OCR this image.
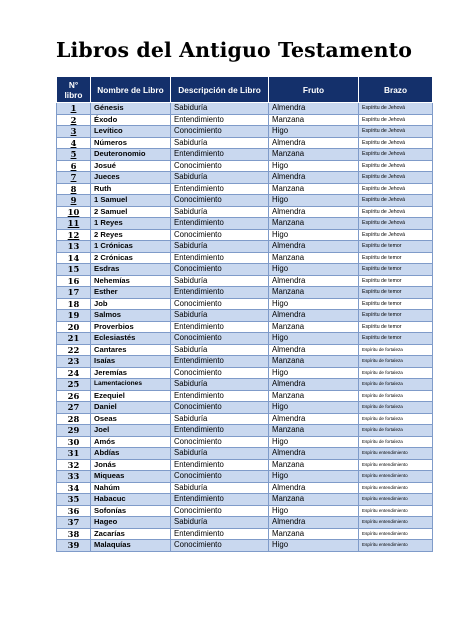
Libros del Antiguo Testamento
N° libro	Nombre de Libro	Descripción de Libro	Fruto	Brazo
1	Génesis	Sabiduría	Almendra	Espíritu de Jehová
2	Éxodo	Entendimiento	Manzana	Espíritu de Jehová
3	Levítico	Conocimiento	Higo	Espíritu de Jehová
4	Números	Sabiduría	Almendra	Espíritu de Jehová
5	Deuteronomio	Entendimiento	Manzana	Espíritu de Jehová
6	Josué	Conocimiento	Higo	Espíritu de Jehová
7	Jueces	Sabiduría	Almendra	Espíritu de Jehová
8	Ruth	Entendimiento	Manzana	Espíritu de Jehová
9	1 Samuel	Conocimiento	Higo	Espíritu de Jehová
10	2 Samuel	Sabiduría	Almendra	Espíritu de Jehová
11	1 Reyes	Entendimiento	Manzana	Espíritu de Jehová
12	2 Reyes	Conocimiento	Higo	Espíritu de Jehová
13	1 Crónicas	Sabiduría	Almendra	Espíritu de temor
14	2 Crónicas	Entendimiento	Manzana	Espíritu de temor
15	Esdras	Conocimiento	Higo	Espíritu de temor
16	Nehemías	Sabiduría	Almendra	Espíritu de temor
17	Esther	Entendimiento	Manzana	Espíritu de temor
18	Job	Conocimiento	Higo	Espíritu de temor
19	Salmos	Sabiduría	Almendra	Espíritu de temor
20	Proverbios	Entendimiento	Manzana	Espíritu de temor
21	Eclesiastés	Conocimiento	Higo	Espíritu de temor
22	Cantares	Sabiduría	Almendra	Espíritu de fortaleza
23	Isaías	Entendimiento	Manzana	Espíritu de fortaleza
24	Jeremías	Conocimiento	Higo	Espíritu de fortaleza
25	Lamentaciones	Sabiduría	Almendra	Espíritu de fortaleza
26	Ezequiel	Entendimiento	Manzana	Espíritu de fortaleza
27	Daniel	Conocimiento	Higo	Espíritu de fortaleza
28	Oseas	Sabiduría	Almendra	Espíritu de fortaleza
29	Joel	Entendimiento	Manzana	Espíritu de fortaleza
30	Amós	Conocimiento	Higo	Espíritu de fortaleza
31	Abdías	Sabiduría	Almendra	Espíritu entendimiento
32	Jonás	Entendimiento	Manzana	Espíritu entendimiento
33	Miqueas	Conocimiento	Higo	Espíritu entendimiento
34	Nahúm	Sabiduría	Almendra	Espíritu entendimiento
35	Habacuc	Entendimiento	Manzana	Espíritu entendimiento
36	Sofonías	Conocimiento	Higo	Espíritu entendimiento
37	Hageo	Sabiduría	Almendra	Espíritu entendimiento
38	Zacarías	Entendimiento	Manzana	Espíritu entendimiento
39	Malaquías	Conocimiento	Higo	Espíritu entendimiento
